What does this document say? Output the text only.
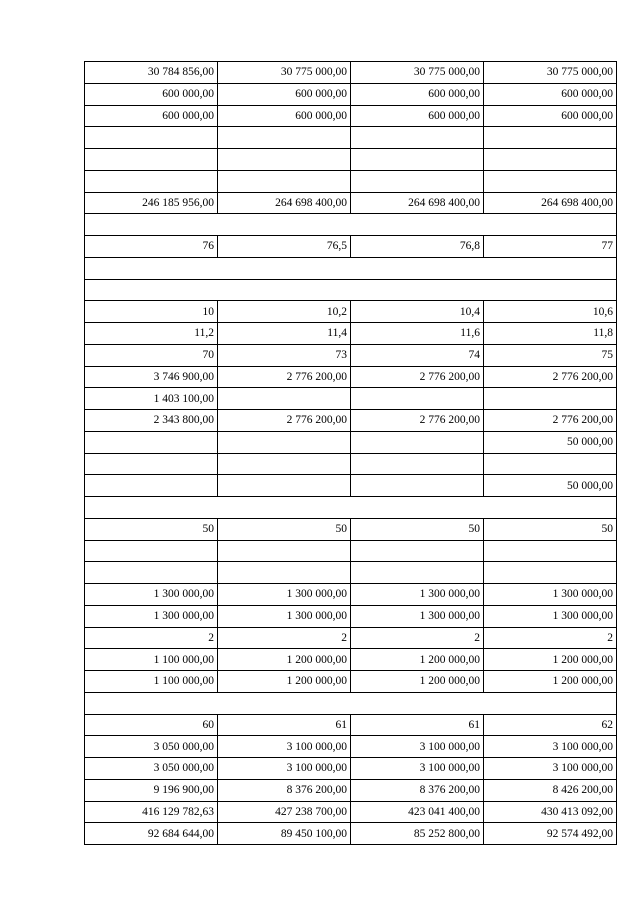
30 784 856,00	30 775 000,00	30 775 000,00	30 775 000,00
600 000,00	600 000,00	600 000,00	600 000,00
600 000,00	600 000,00	600 000,00	600 000,00

246 185 956,00	264 698 400,00	264 698 400,00	264 698 400,00

76	76,5	76,8	77

10	10,2	10,4	10,6
11,2	11,4	11,6	11,8
70	73	74	75
3 746 900,00	2 776 200,00	2 776 200,00	2 776 200,00
1 403 100,00			
2 343 800,00	2 776 200,00	2 776 200,00	2 776 200,00
			50 000,00

			50 000,00

50	50	50	50

1 300 000,00	1 300 000,00	1 300 000,00	1 300 000,00
1 300 000,00	1 300 000,00	1 300 000,00	1 300 000,00
2	2	2	2
1 100 000,00	1 200 000,00	1 200 000,00	1 200 000,00
1 100 000,00	1 200 000,00	1 200 000,00	1 200 000,00

60	61	61	62
3 050 000,00	3 100 000,00	3 100 000,00	3 100 000,00
3 050 000,00	3 100 000,00	3 100 000,00	3 100 000,00
9 196 900,00	8 376 200,00	8 376 200,00	8 426 200,00
416 129 782,63	427 238 700,00	423 041 400,00	430 413 092,00
92 684 644,00	89 450 100,00	85 252 800,00	92 574 492,00
